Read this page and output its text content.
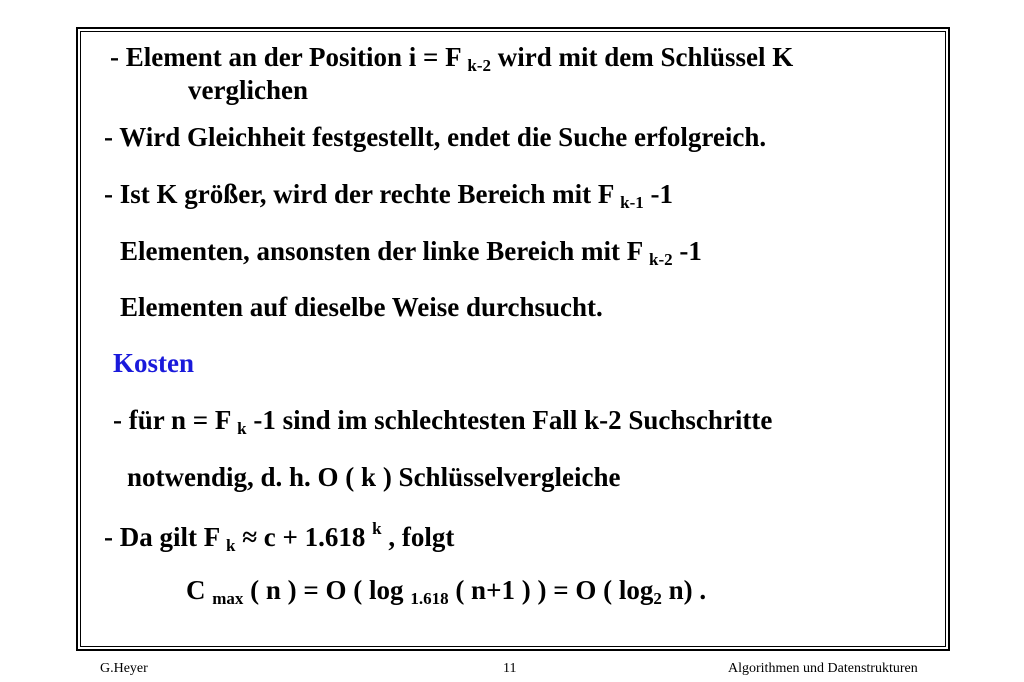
- Element an der Position i = F $_{k-2}$ wird mit dem Schlüssel K
verglichen
- Wird Gleichheit festgestellt, endet die Suche erfolgreich.
- Ist K größer, wird der rechte Bereich mit F $_{k-1}$ -1
Elementen, ansonsten der linke Bereich mit F $_{k-2}$ -1
Elementen auf dieselbe Weise durchsucht.
Kosten
- für n = F $_k$ -1 sind im schlechtesten Fall k-2 Suchschritte
notwendig, d. h. O ( k ) Schlüsselvergleiche
- Da gilt F $_k$ ≈ c + 1.618 $^k$ , folgt
C $_{max}$ ( n ) = O ( log $_{1.618}$ ( n+1 ) ) = O ( $\log_2 n$) .
G.Heyer	11	Algorithmen und Datenstrukturen
